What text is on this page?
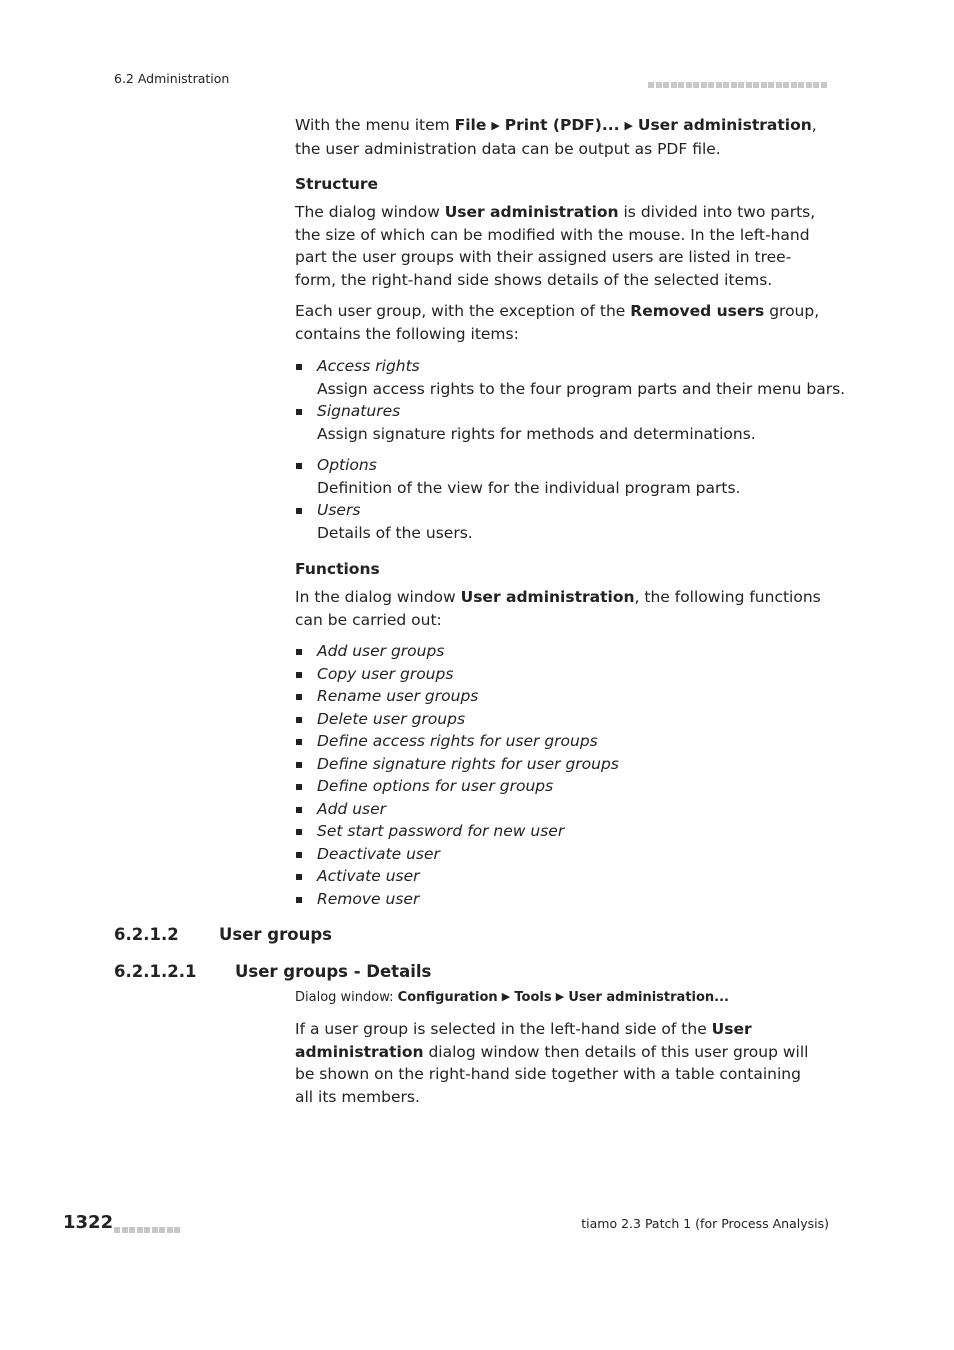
6.2 Administration

With the menu item File ▶ Print (PDF)... ▶ User administration, the user administration data can be output as PDF file.

Structure

The dialog window User administration is divided into two parts, the size of which can be modified with the mouse. In the left-hand part the user groups with their assigned users are listed in tree-form, the right-hand side shows details of the selected items.

Each user group, with the exception of the Removed users group, contains the following items:

Access rights
Assign access rights to the four program parts and their menu bars.
Signatures
Assign signature rights for methods and determinations.
Options
Definition of the view for the individual program parts.
Users
Details of the users.
Functions

In the dialog window User administration, the following functions can be carried out:

Add user groups
Copy user groups
Rename user groups
Delete user groups
Define access rights for user groups
Define signature rights for user groups
Define options for user groups
Add user
Set start password for new user
Deactivate user
Activate user
Remove user
6.2.1.2 User groups
6.2.1.2.1 User groups - Details
Dialog window: Configuration ▶ Tools ▶ User administration...

If a user group is selected in the left-hand side of the User administration dialog window then details of this user group will be shown on the right-hand side together with a table containing all its members.

1322	tiamo 2.3 Patch 1 (for Process Analysis)
